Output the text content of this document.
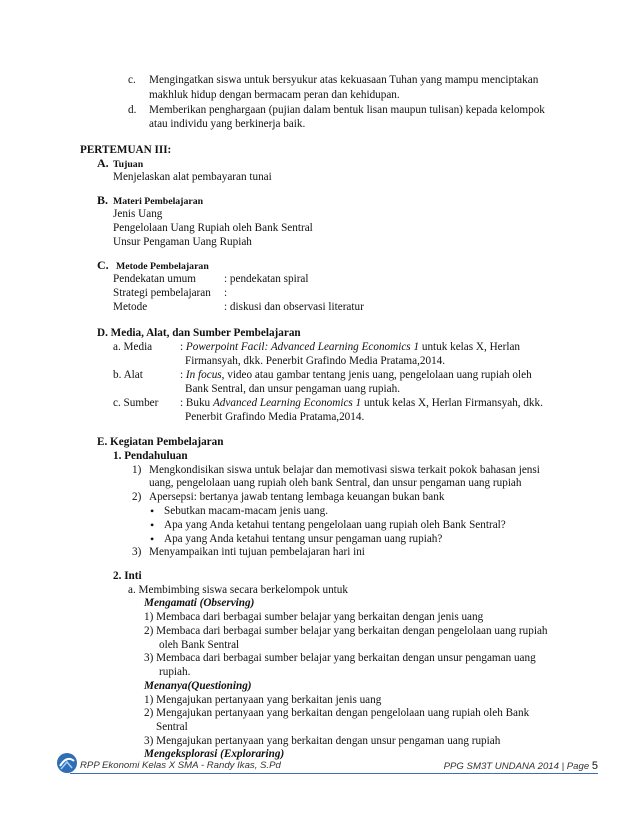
c. Mengingatkan siswa untuk bersyukur atas kekuasaan Tuhan yang mampu menciptakan
makhluk hidup dengan bermacam peran dan kehidupan.
d. Memberikan penghargaan (pujian dalam bentuk lisan maupun tulisan) kepada kelompok
atau individu yang berkinerja baik.
PERTEMUAN III:
A. Tujuan
Menjelaskan alat pembayaran tunai
B. Materi Pembelajaran
Jenis Uang
Pengelolaan Uang Rupiah oleh Bank Sentral
Unsur Pengaman Uang Rupiah
C. Metode Pembelajaran
Pendekatan umum	: pendekatan spiral
Strategi pembelajaran :
Metode	: diskusi dan observasi literatur
D. Media, Alat, dan Sumber Pembelajaran
a. Media : Powerpoint Facil: Advanced Learning Economics 1 untuk kelas X, Herlan
Firmansyah, dkk. Penerbit Grafindo Media Pratama,2014.
b. Alat	: In focus, video atau gambar tentang jenis uang, pengelolaan uang rupiah oleh
Bank Sentral, dan unsur pengaman uang rupiah.
c. Sumber : Buku Advanced Learning Economics 1 untuk kelas X, Herlan Firmansyah, dkk.
Penerbit Grafindo Media Pratama,2014.
E. Kegiatan Pembelajaran
1. Pendahuluan
1) Mengkondisikan siswa untuk belajar dan memotivasi siswa terkait pokok bahasan jensi
uang, pengelolaan uang rupiah oleh bank Sentral, dan unsur pengaman uang rupiah
2) Apersepsi: bertanya jawab tentang lembaga keuangan bukan bank
• Sebutkan macam-macam jenis uang.
• Apa yang Anda ketahui tentang pengelolaan uang rupiah oleh Bank Sentral?
• Apa yang Anda ketahui tentang unsur pengaman uang rupiah?
3) Menyampaikan inti tujuan pembelajaran hari ini
2. Inti
a. Membimbing siswa secara berkelompok untuk
Mengamati (Observing)
1) Membaca dari berbagai sumber belajar yang berkaitan dengan jenis uang
2) Membaca dari berbagai sumber belajar yang berkaitan dengan pengelolaan uang rupiah
oleh Bank Sentral
3) Membaca dari berbagai sumber belajar yang berkaitan dengan unsur pengaman uang
rupiah.
Menanya(Questioning)
1) Mengajukan pertanyaan yang berkaitan jenis uang
2) Mengajukan pertanyaan yang berkaitan dengan pengelolaan uang rupiah oleh Bank
Sentral
3) Mengajukan pertanyaan yang berkaitan dengan unsur pengaman uang rupiah
Mengeksplorasi (Exploraring)
RPP Ekonomi Kelas X SMA - Randy Ikas, S.Pd	PPG SM3T UNDANA 2014 | Page 5
